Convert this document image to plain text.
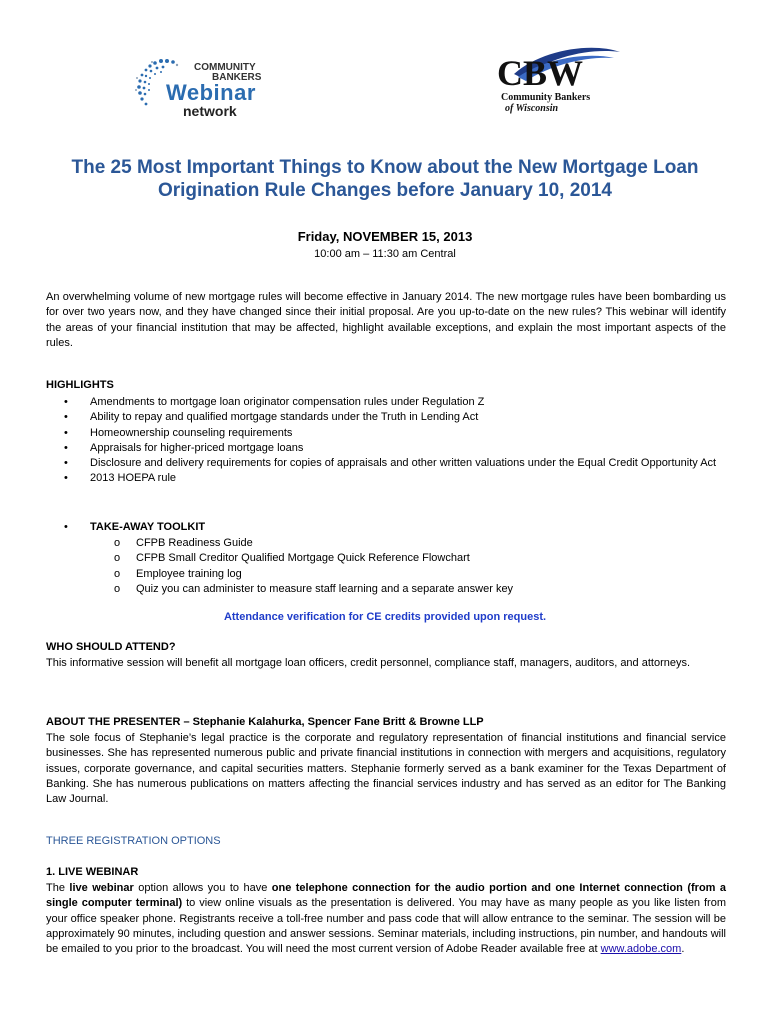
COMMUNITY
BANKERS
Webinar
network
CBW
Community Bankers
of Wisconsin
The 25 Most Important Things to Know about the New Mortgage Loan Origination Rule Changes before January 10, 2014

Friday, NOVEMBER 15, 2013

10:00 am – 11:30 am Central

An overwhelming volume of new mortgage rules will become effective in January 2014. The new mortgage rules have been bombarding us for over two years now, and they have changed since their initial proposal. Are you up-to-date on the new rules? This webinar will identify the areas of your financial institution that may be affected, highlight available exceptions, and explain the most important aspects of the rules.

HIGHLIGHTS

• Amendments to mortgage loan originator compensation rules under Regulation Z
• Ability to repay and qualified mortgage standards under the Truth in Lending Act
• Homeownership counseling requirements
• Appraisals for higher-priced mortgage loans
• Disclosure and delivery requirements for copies of appraisals and other written valuations under the Equal Credit Opportunity Act
• 2013 HOEPA rule
• TAKE-AWAY TOOLKIT
o CFPB Readiness Guide
o CFPB Small Creditor Qualified Mortgage Quick Reference Flowchart
o Employee training log
o Quiz you can administer to measure staff learning and a separate answer key

Attendance verification for CE credits provided upon request.

WHO SHOULD ATTEND?

This informative session will benefit all mortgage loan officers, credit personnel, compliance staff, managers, auditors, and attorneys.

ABOUT THE PRESENTER – Stephanie Kalahurka, Spencer Fane Britt & Browne LLP

The sole focus of Stephanie’s legal practice is the corporate and regulatory representation of financial institutions and financial service businesses. She has represented numerous public and private financial institutions in connection with mergers and acquisitions, regulatory issues, corporate governance, and capital securities matters. Stephanie formerly served as a bank examiner for the Texas Department of Banking. She has numerous publications on matters affecting the financial services industry and has served as an editor for The Banking Law Journal.

THREE REGISTRATION OPTIONS

1. LIVE WEBINAR

The live webinar option allows you to have one telephone connection for the audio portion and one Internet connection (from a single computer terminal) to view online visuals as the presentation is delivered. You may have as many people as you like listen from your office speaker phone. Registrants receive a toll-free number and pass code that will allow entrance to the seminar. The session will be approximately 90 minutes, including question and answer sessions. Seminar materials, including instructions, pin number, and handouts will be emailed to you prior to the broadcast. You will need the most current version of Adobe Reader available free at www.adobe.com.
